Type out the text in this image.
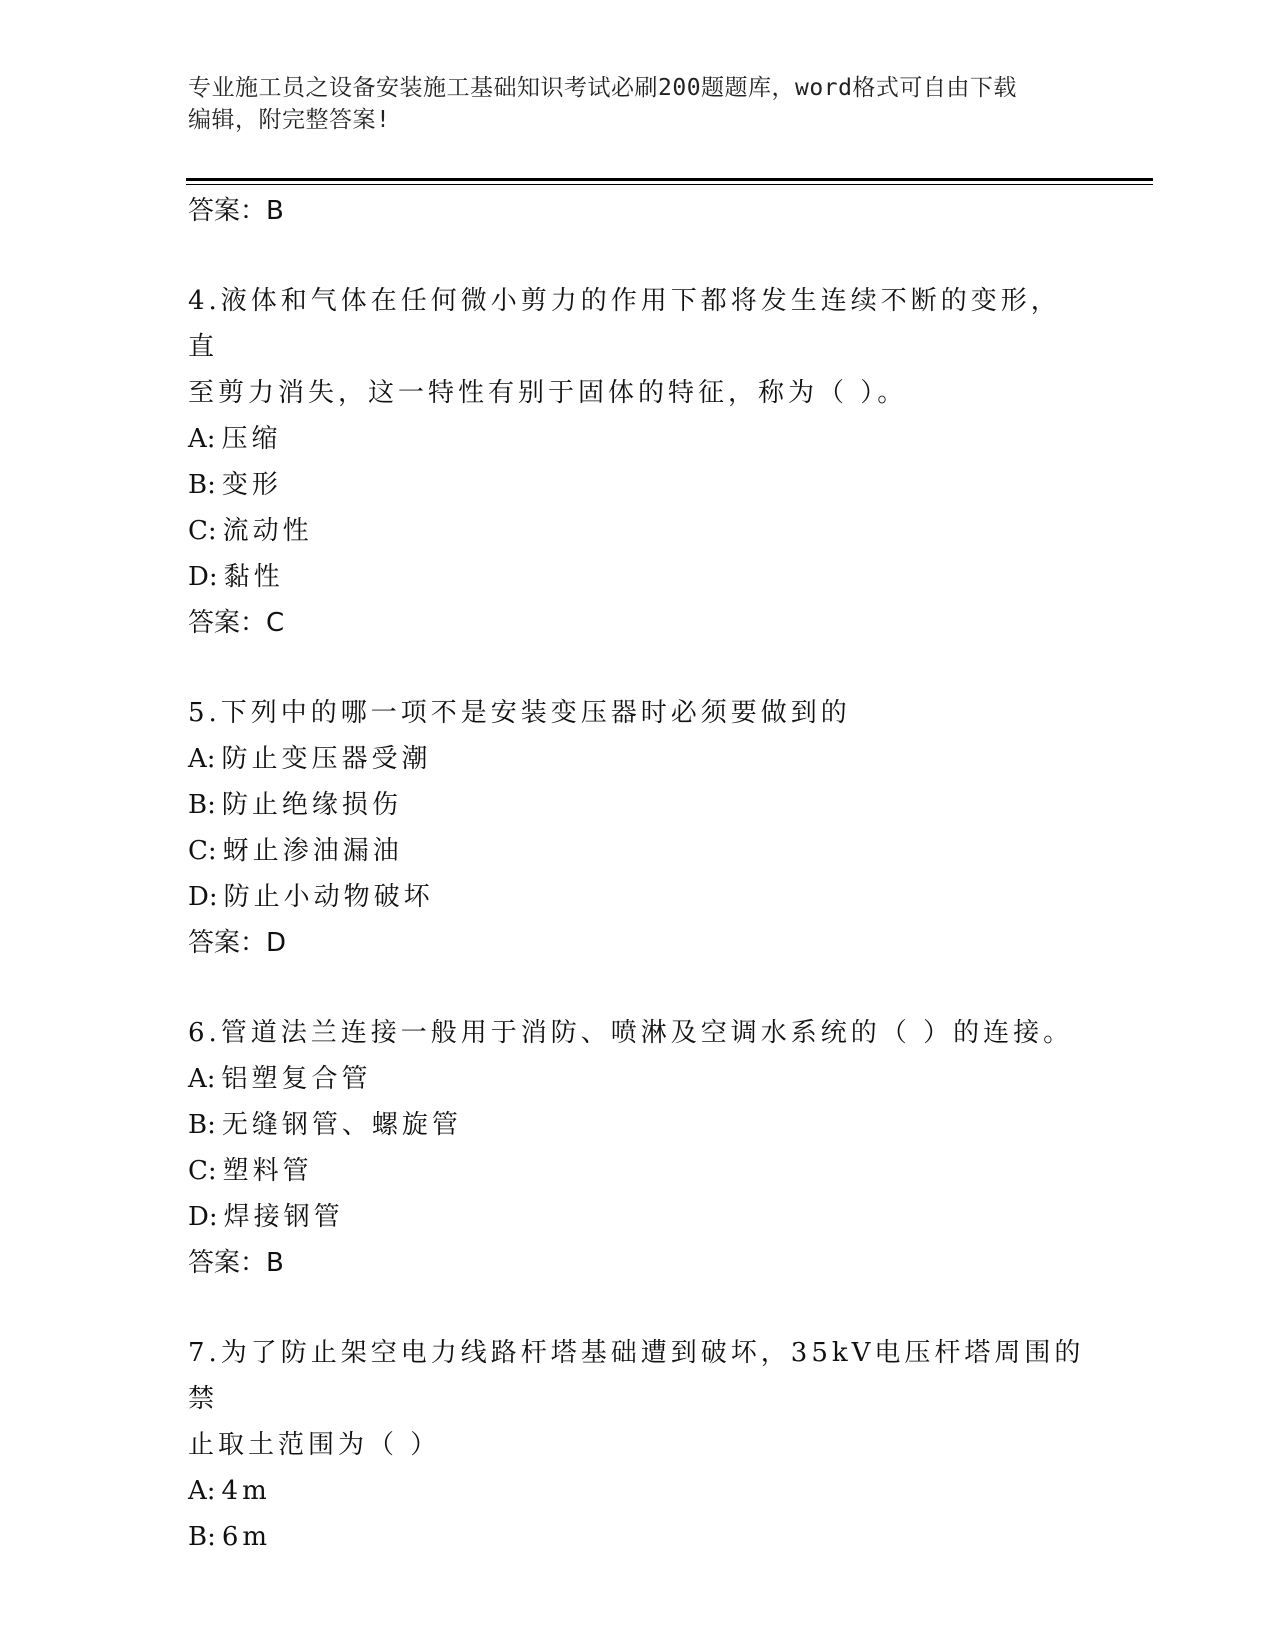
专业施工员之设备安装施工基础知识考试必刷200题题库，word格式可自由下载
编辑，附完整答案!
答案：B
4.液体和气体在任何微小剪力的作用下都将发生连续不断的变形，直
至剪力消失，这一特性有别于固体的特征，称为（ ）。
A: 压缩
B: 变形
C: 流动性
D: 黏性
答案：C
5.下列中的哪一项不是安装变压器时必须要做到的
A: 防止变压器受潮
B: 防止绝缘损伤
C: 蚜止渗油漏油
D: 防止小动物破坏
答案：D
6.管道法兰连接一般用于消防、喷淋及空调水系统的（ ）的连接。
A: 铝塑复合管
B: 无缝钢管、螺旋管
C: 塑料管
D: 焊接钢管
答案：B
7.为了防止架空电力线路杆塔基础遭到破坏，35kV电压杆塔周围的禁
止取土范围为（ ）
A: 4m
B: 6m
